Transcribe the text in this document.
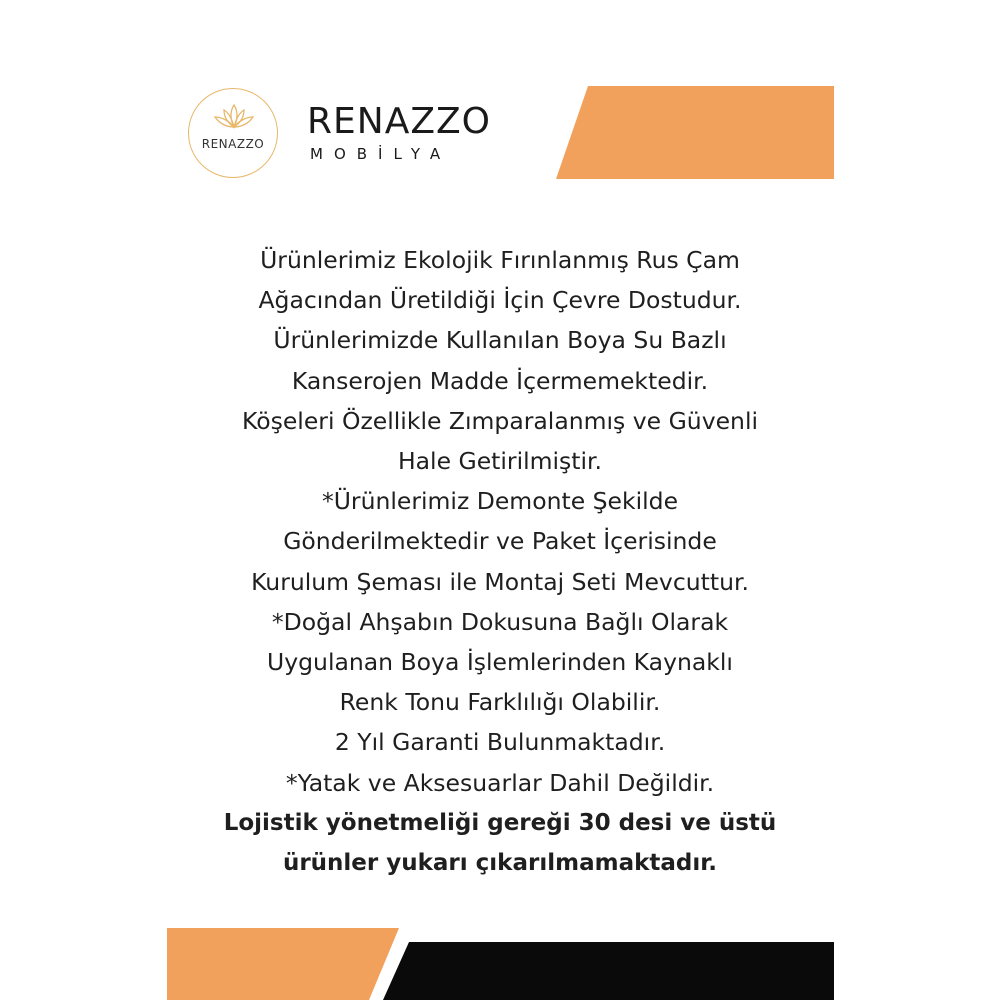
RENAZZO
RENAZZO
MOBİLYA
Ürünlerimiz Ekolojik Fırınlanmış Rus Çam
Ağacından Üretildiği İçin Çevre Dostudur.
Ürünlerimizde Kullanılan Boya Su Bazlı
Kanserojen Madde İçermemektedir.
Köşeleri Özellikle Zımparalanmış ve Güvenli
Hale Getirilmiştir.
*Ürünlerimiz Demonte Şekilde
Gönderilmektedir ve Paket İçerisinde
Kurulum Şeması ile Montaj Seti Mevcuttur.
*Doğal Ahşabın Dokusuna Bağlı Olarak
Uygulanan Boya İşlemlerinden Kaynaklı
Renk Tonu Farklılığı Olabilir.
2 Yıl Garanti Bulunmaktadır.
*Yatak ve Aksesuarlar Dahil Değildir.
Lojistik yönetmeliği gereği 30 desi ve üstü
ürünler yukarı çıkarılmamaktadır.
